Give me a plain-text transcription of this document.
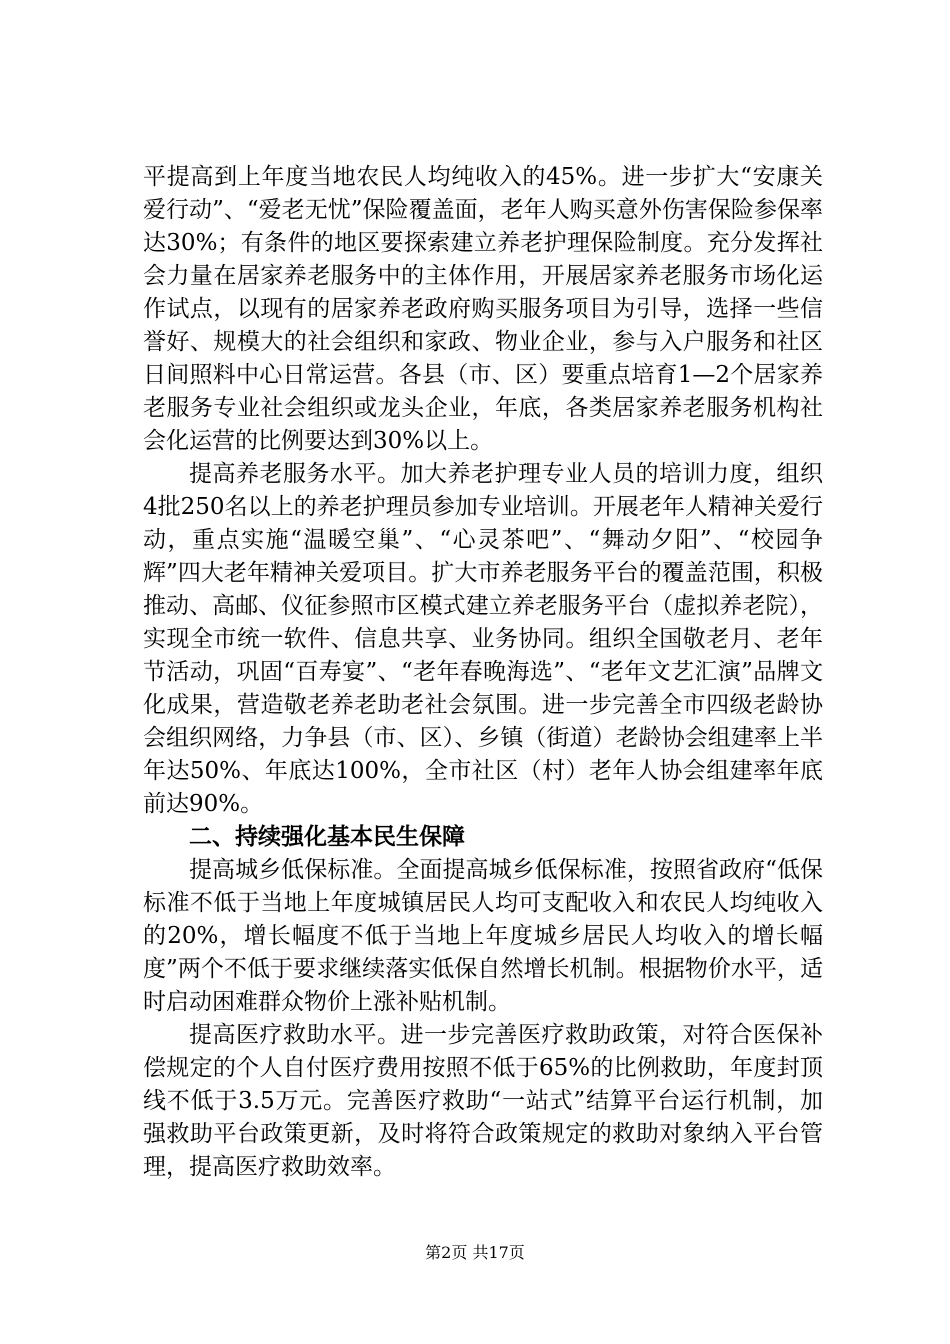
平提高到上年度当地农民人均纯收入的45%。进一步扩大“安康关爱行动”、“爱老无忧”保险覆盖面，老年人购买意外伤害保险参保率达30%；有条件的地区要探索建立养老护理保险制度。充分发挥社会力量在居家养老服务中的主体作用，开展居家养老服务市场化运作试点，以现有的居家养老政府购买服务项目为引导，选择一些信誉好、规模大的社会组织和家政、物业企业，参与入户服务和社区日间照料中心日常运营。各县（市、区）要重点培育1—2个居家养老服务专业社会组织或龙头企业，年底，各类居家养老服务机构社会化运营的比例要达到30%以上。

提高养老服务水平。加大养老护理专业人员的培训力度，组织4批250名以上的养老护理员参加专业培训。开展老年人精神关爱行动，重点实施“温暖空巢”、“心灵茶吧”、“舞动夕阳”、“校园争辉”四大老年精神关爱项目。扩大市养老服务平台的覆盖范围，积极推动、高邮、仪征参照市区模式建立养老服务平台（虚拟养老院），实现全市统一软件、信息共享、业务协同。组织全国敬老月、老年节活动，巩固“百寿宴”、“老年春晚海选”、“老年文艺汇演”品牌文化成果，营造敬老养老助老社会氛围。进一步完善全市四级老龄协会组织网络，力争县（市、区）、乡镇（街道）老龄协会组建率上半年达50%、年底达100%，全市社区（村）老年人协会组建率年底前达90%。

二、持续强化基本民生保障

提高城乡低保标准。全面提高城乡低保标准，按照省政府“低保标准不低于当地上年度城镇居民人均可支配收入和农民人均纯收入的20%，增长幅度不低于当地上年度城乡居民人均收入的增长幅度”两个不低于要求继续落实低保自然增长机制。根据物价水平，适时启动困难群众物价上涨补贴机制。

提高医疗救助水平。进一步完善医疗救助政策，对符合医保补偿规定的个人自付医疗费用按照不低于65%的比例救助，年度封顶线不低于3.5万元。完善医疗救助“一站式”结算平台运行机制，加强救助平台政策更新，及时将符合政策规定的救助对象纳入平台管理，提高医疗救助效率。

第2页 共17页
